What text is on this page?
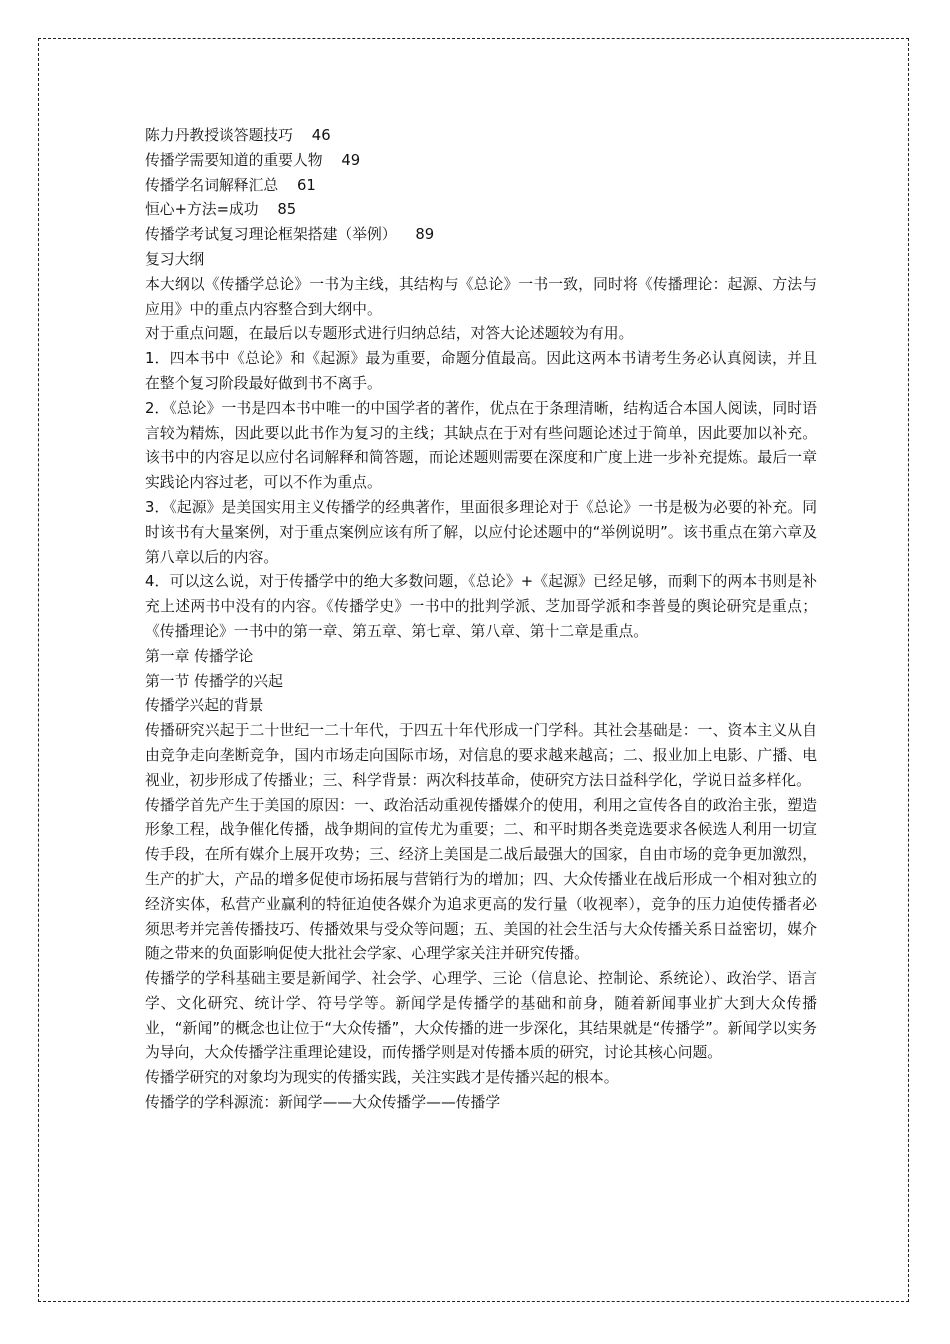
陈力丹教授谈答题技巧    46
传播学需要知道的重要人物    49
传播学名词解释汇总    61
恒心+方法=成功    85
传播学考试复习理论框架搭建（举例）    89
复习大纲
本大纲以《传播学总论》一书为主线，其结构与《总论》一书一致，同时将《传播理论：起源、方法与应用》中的重点内容整合到大纲中。
对于重点问题，在最后以专题形式进行归纳总结，对答大论述题较为有用。
1．四本书中《总论》和《起源》最为重要，命题分值最高。因此这两本书请考生务必认真阅读，并且在整个复习阶段最好做到书不离手。
2．《总论》一书是四本书中唯一的中国学者的著作，优点在于条理清晰，结构适合本国人阅读，同时语言较为精炼，因此要以此书作为复习的主线；其缺点在于对有些问题论述过于简单，因此要加以补充。该书中的内容足以应付名词解释和简答题，而论述题则需要在深度和广度上进一步补充提炼。最后一章实践论内容过老，可以不作为重点。
3．《起源》是美国实用主义传播学的经典著作，里面很多理论对于《总论》一书是极为必要的补充。同时该书有大量案例，对于重点案例应该有所了解，以应付论述题中的“举例说明”。该书重点在第六章及第八章以后的内容。
4．可以这么说，对于传播学中的绝大多数问题，《总论》+《起源》已经足够，而剩下的两本书则是补充上述两书中没有的内容。《传播学史》一书中的批判学派、芝加哥学派和李普曼的舆论研究是重点；《传播理论》一书中的第一章、第五章、第七章、第八章、第十二章是重点。
第一章 传播学论
第一节 传播学的兴起
传播学兴起的背景
传播研究兴起于二十世纪一二十年代，于四五十年代形成一门学科。其社会基础是：一、资本主义从自由竞争走向垄断竞争，国内市场走向国际市场，对信息的要求越来越高；二、报业加上电影、广播、电视业，初步形成了传播业；三、科学背景：两次科技革命，使研究方法日益科学化，学说日益多样化。
传播学首先产生于美国的原因：一、政治活动重视传播媒介的使用，利用之宣传各自的政治主张，塑造形象工程，战争催化传播，战争期间的宣传尤为重要；二、和平时期各类竞选要求各候选人利用一切宣传手段，在所有媒介上展开攻势；三、经济上美国是二战后最强大的国家，自由市场的竞争更加激烈，生产的扩大，产品的增多促使市场拓展与营销行为的增加；四、大众传播业在战后形成一个相对独立的经济实体，私营产业赢利的特征迫使各媒介为追求更高的发行量（收视率），竞争的压力迫使传播者必须思考并完善传播技巧、传播效果与受众等问题；五、美国的社会生活与大众传播关系日益密切，媒介随之带来的负面影响促使大批社会学家、心理学家关注并研究传播。
传播学的学科基础主要是新闻学、社会学、心理学、三论（信息论、控制论、系统论）、政治学、语言学、文化研究、统计学、符号学等。新闻学是传播学的基础和前身，随着新闻事业扩大到大众传播业，“新闻”的概念也让位于“大众传播”，大众传播的进一步深化，其结果就是“传播学”。新闻学以实务为导向，大众传播学注重理论建设，而传播学则是对传播本质的研究，讨论其核心问题。
传播学研究的对象均为现实的传播实践，关注实践才是传播兴起的根本。
传播学的学科源流：新闻学——大众传播学——传播学
